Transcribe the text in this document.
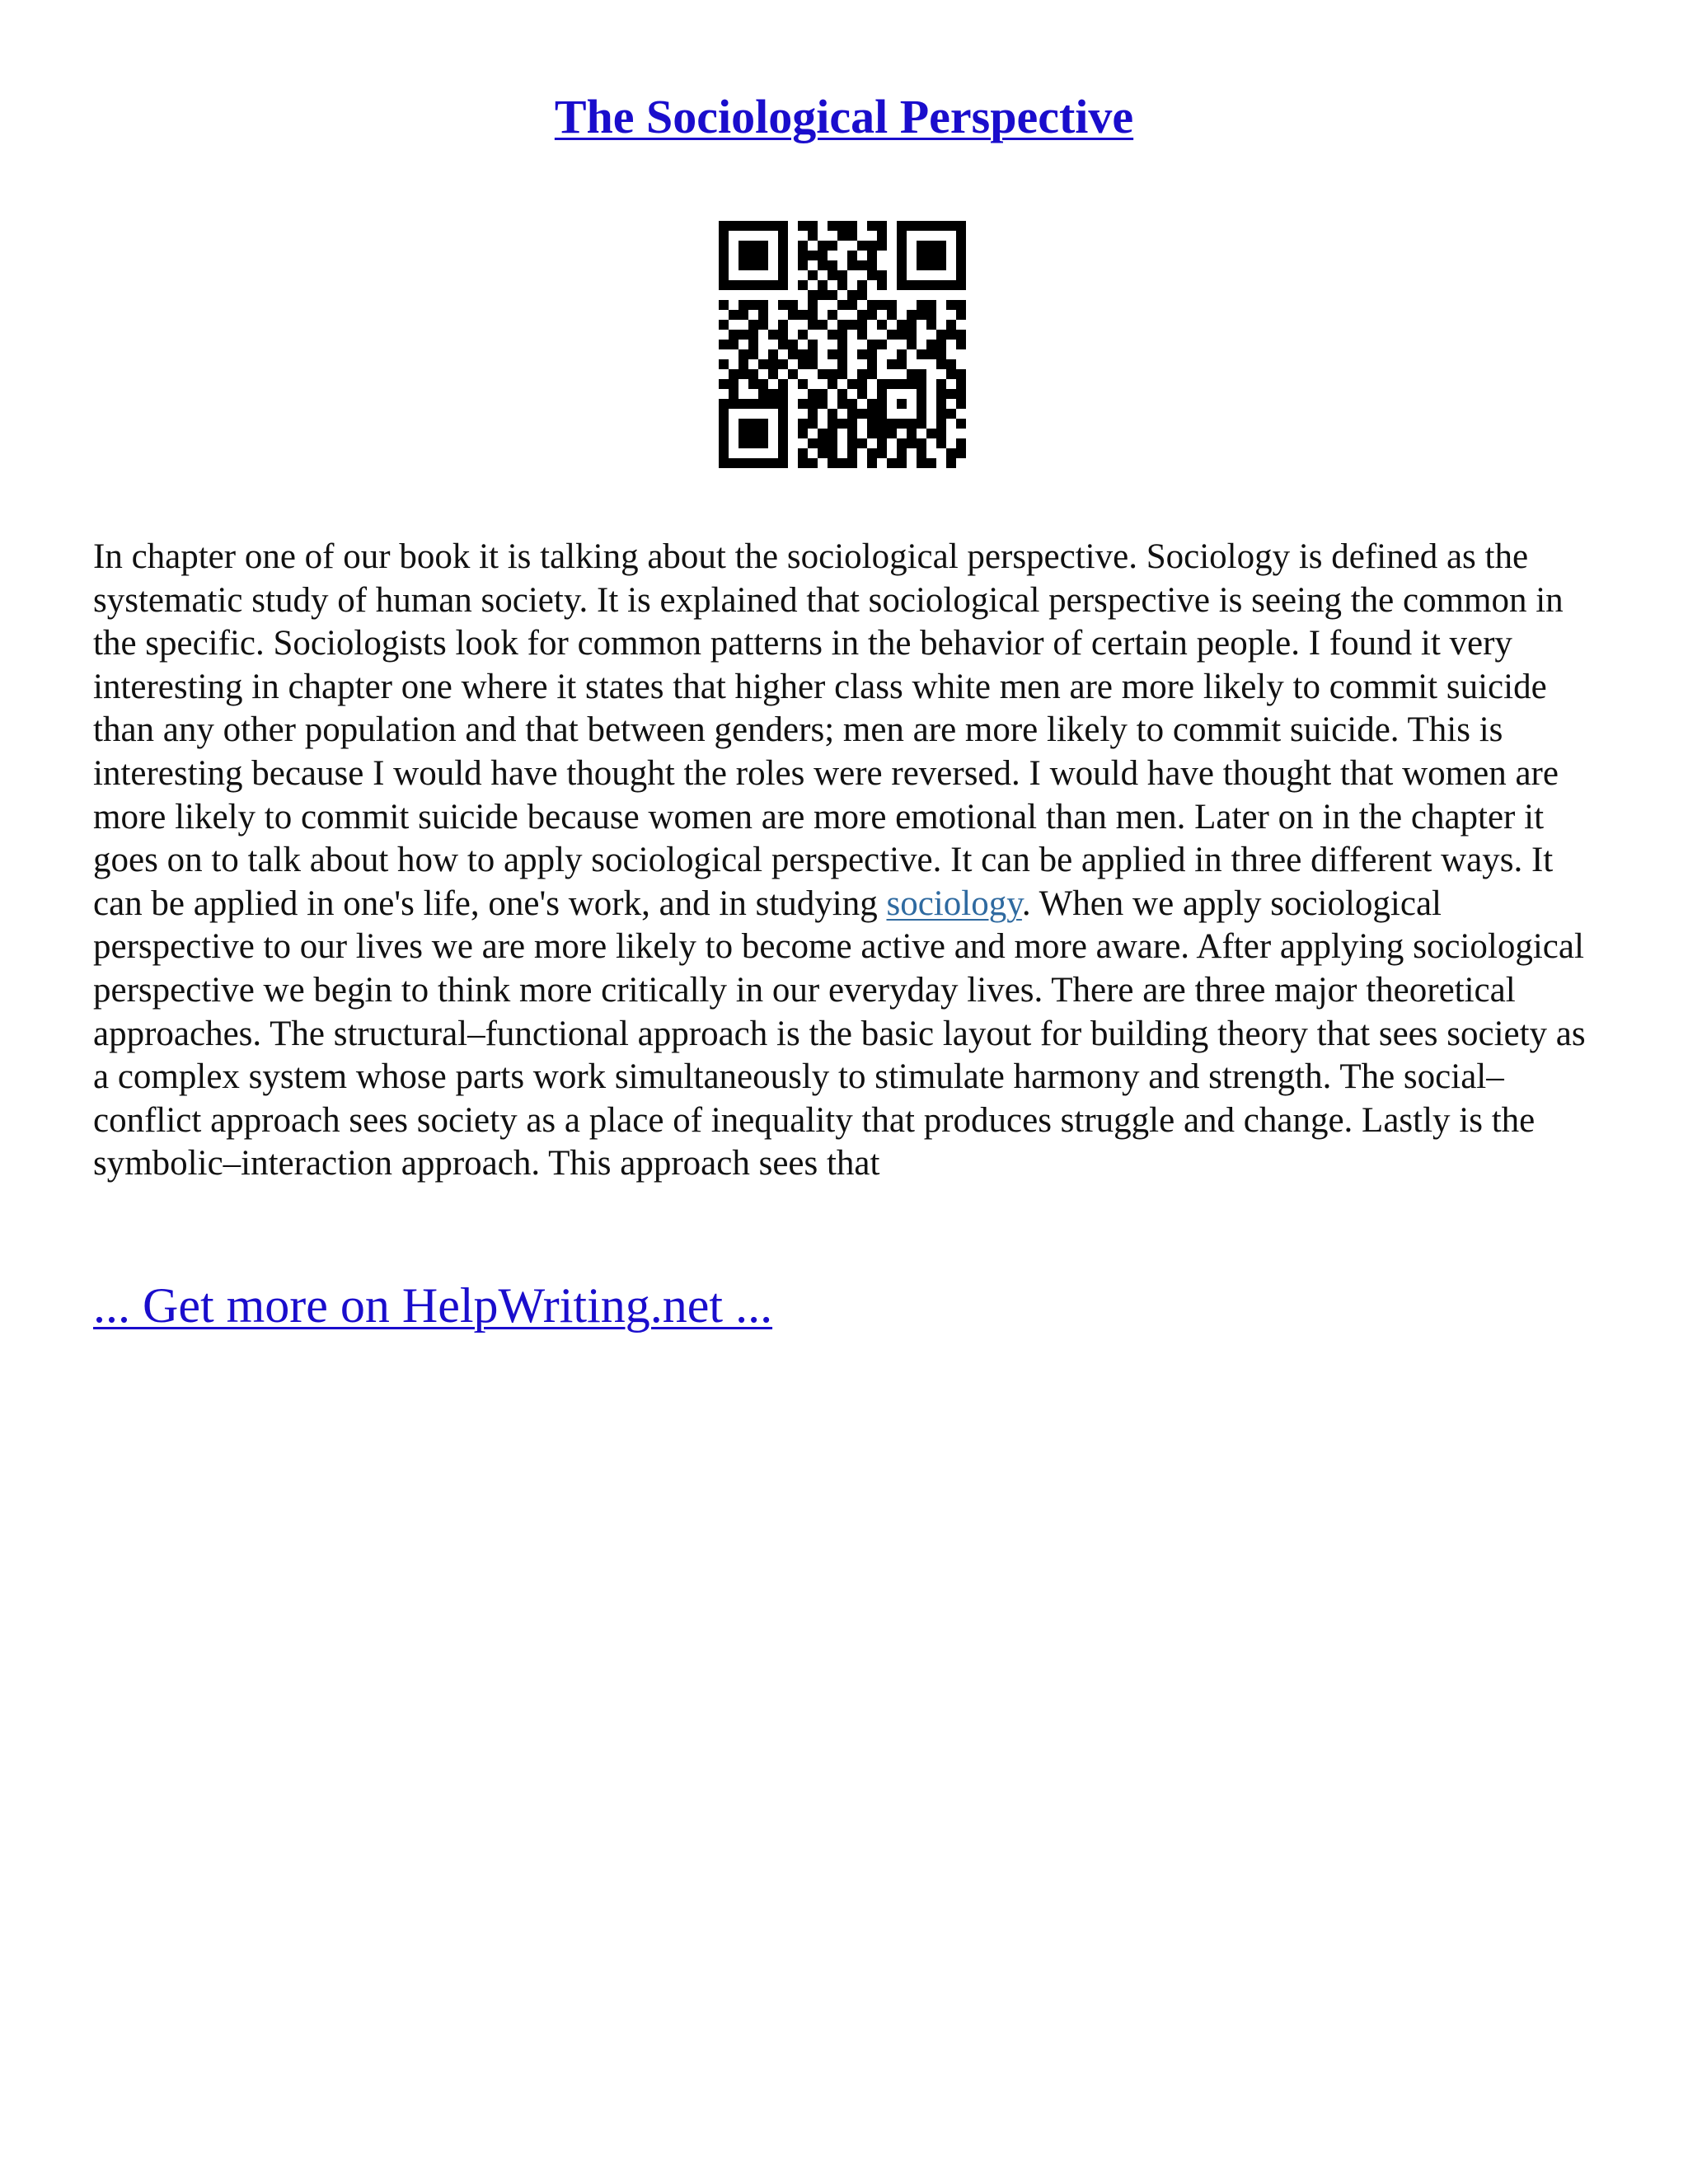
The Sociological Perspective

In chapter one of our book it is talking about the sociological perspective. Sociology is defined as the systematic study of human society. It is explained that sociological perspective is seeing the common in the specific. Sociologists look for common patterns in the behavior of certain people. I found it very interesting in chapter one where it states that higher class white men are more likely to commit suicide than any other population and that between genders; men are more likely to commit suicide. This is interesting because I would have thought the roles were reversed. I would have thought that women are more likely to commit suicide because women are more emotional than men. Later on in the chapter it goes on to talk about how to apply sociological perspective. It can be applied in three different ways. It can be applied in one's life, one's work, and in studying sociology. When we apply sociological perspective to our lives we are more likely to become active and more aware. After applying sociological perspective we begin to think more critically in our everyday lives. There are three major theoretical approaches. The structural–functional approach is the basic layout for building theory that sees society as a complex system whose parts work simultaneously to stimulate harmony and strength. The social–conflict approach sees society as a place of inequality that produces struggle and change. Lastly is the symbolic–interaction approach. This approach sees that

... Get more on HelpWriting.net ...
